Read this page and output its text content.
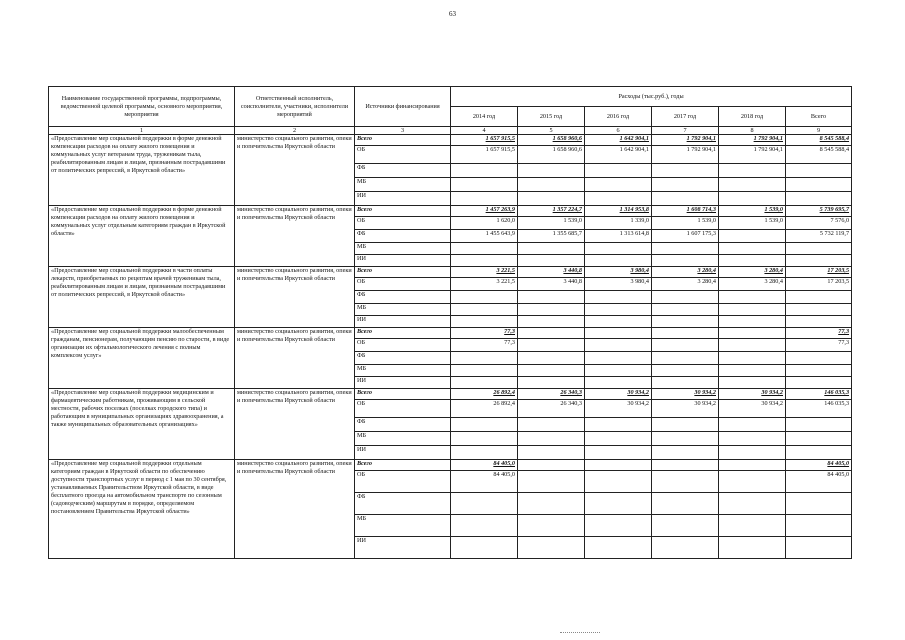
63
Наименование государственной программы, подпрограммы, ведомственной целевой программы, основного мероприятия, мероприятия	Ответственный исполнитель, соисполнители, участники, исполнители мероприятий	Источники финансирования	Расходы (тыс.руб.), годы					
			2014 год	2015 год	2016 год	2017 год	2018 год	Всего
1	2	3	4	5	6	7	8	9
«Предоставление мер социальной поддержки в форме денежной компенсации расходов на оплату жилого помещения и коммунальных услуг ветеранам труда, труженикам тыла, реабилитированным лицам и лицам, признанным пострадавшими от политических репрессий, в Иркутской области»	министерство социального развития, опеки и попечительства Иркутской области	Всего	1 657 915,5	1 658 960,6	1 642 904,1	1 792 904,1	1 792 904,1	8 545 588,4
		ОБ	1 657 915,5	1 658 960,6	1 642 904,1	1 792 904,1	1 792 904,1	8 545 588,4
		ФБ						
		МБ						
		ИИ						
«Предоставление мер социальной поддержки в форме денежной компенсации расходов на оплату жилого помещения и коммунальных услуг отдельным категориям граждан в Иркутской области»	министерство социального развития, опеки и попечительства Иркутской области	Всего	1 457 263,9	1 357 224,7	1 314 953,8	1 608 714,3	1 539,0	5 739 695,7
		ОБ	1 620,0	1 539,0	1 339,0	1 539,0	1 539,0	7 576,0
		ФБ	1 455 643,9	1 355 685,7	1 313 614,8	1 607 175,3		5 732 119,7
		МБ						
		ИИ						
«Предоставление мер социальной поддержки в части оплаты лекарств, приобретаемых по рецептам врачей труженикам тыла, реабилитированным лицам и лицам, признанным пострадавшими от политических репрессий, в Иркутской области»	министерство социального развития, опеки и попечительства Иркутской области	Всего	3 221,5	3 440,8	3 980,4	3 280,4	3 280,4	17 203,5
		ОБ	3 221,5	3 440,8	3 980,4	3 280,4	3 280,4	17 203,5
		ФБ						
		МБ						
		ИИ						
«Предоставление мер социальной поддержки малообеспеченным гражданам, пенсионерам, получающим пенсию по старости, в виде организации их офтальмологического лечения с полным комплексом услуг»	министерство социального развития, опеки и попечительства Иркутской области	Всего	77,3					77,3
		ОБ	77,3					77,3
		ФБ						
		МБ						
		ИИ						
«Предоставление мер социальной поддержки медицинским и фармацевтическим работникам, проживающим в сельской местности, рабочих поселках (поселках городского типа) и работающим в муниципальных организациях здравоохранения, а также муниципальных образовательных организациях»	министерство социального развития, опеки и попечительства Иркутской области	Всего	26 892,4	26 340,3	30 934,2	30 934,2	30 934,2	146 035,3
		ОБ	26 892,4	26 340,3	30 934,2	30 934,2	30 934,2	146 035,3
		ФБ						
		МБ						
		ИИ						
«Предоставление мер социальной поддержки отдельным категориям граждан в Иркутской области по обеспечению доступности транспортных услуг в период с 1 мая по 30 сентября, устанавливаемых Правительством Иркутской области, в виде бесплатного проезда на автомобильном транспорте по сезонным (садоводческим) маршрутам в порядке, определяемом постановлением Правительства Иркутской области»	министерство социального развития, опеки и попечительства Иркутской области	Всего	84 405,0					84 405,0
		ОБ	84 405,0					84 405,0
		ФБ						
		МБ						
		ИИ						
